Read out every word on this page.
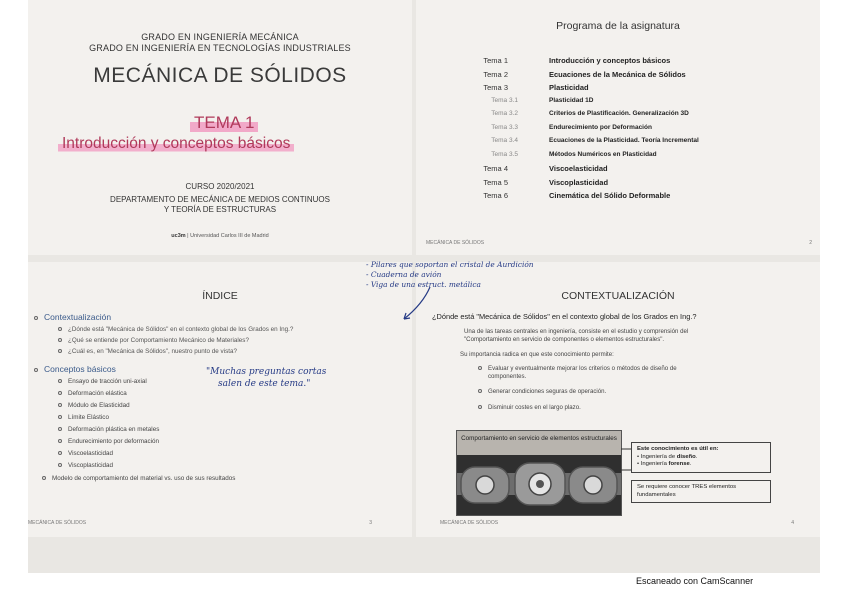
GRADO EN INGENIERÍA MECÁNICA
GRADO EN INGENIERÍA EN TECNOLOGÍAS INDUSTRIALES
MECÁNICA DE SÓLIDOS
TEMA 1
Introducción y conceptos básicos
CURSO 2020/2021
DEPARTAMENTO DE MECÁNICA DE MEDIOS CONTINUOS
Y TEORÍA DE ESTRUCTURAS
uc3m | Universidad Carlos III de Madrid
Programa de la asignatura
Tema 1	Introducción y conceptos básicos
Tema 2	Ecuaciones de la Mecánica de Sólidos
Tema 3	Plasticidad
Tema 3.1	Plasticidad 1D
Tema 3.2	Criterios de Plastificación. Generalización 3D
Tema 3.3	Endurecimiento por Deformación
Tema 3.4	Ecuaciones de la Plasticidad. Teoría Incremental
Tema 3.5	Métodos Numéricos en Plasticidad
Tema 4	Viscoelasticidad
Tema 5	Viscoplasticidad
Tema 6	Cinemática del Sólido Deformable
MECÁNICA DE SÓLIDOS	2
ÍNDICE
Contextualización
¿Dónde está "Mecánica de Sólidos" en el contexto global de los Grados en Ing.?
¿Qué se entiende por Comportamiento Mecánico de Materiales?
¿Cuál es, en "Mecánica de Sólidos", nuestro punto de vista?
Conceptos básicos
Ensayo de tracción uni-axial
Deformación elástica
Módulo de Elasticidad
Límite Elástico
Deformación plástica en metales
Endurecimiento por deformación
Viscoelasticidad
Viscoplasticidad
Modelo de comportamiento del material vs. uso de sus resultados
"Muchas preguntas cortas
salen de este tema."
MECÁNICA DE SÓLIDOS	3
CONTEXTUALIZACIÓN
¿Dónde está "Mecánica de Sólidos" en el contexto global de los Grados en Ing.?
Una de las tareas centrales en ingeniería, consiste en el estudio y comprensión del
"Comportamiento en servicio de componentes o elementos estructurales".
Su importancia radica en que este conocimiento permite:
Evaluar y eventualmente mejorar los criterios o métodos de diseño de
componentes.
Generar condiciones seguras de operación.
Disminuir costes en el largo plazo.
Comportamiento en servicio de elementos estructurales
Este conocimiento es útil en:
• Ingeniería de diseño.
• Ingeniería forense.
Se requiere conocer TRES elementos fundamentales
MECÁNICA DE SÓLIDOS	4
- Pilares que soportan el cristal de Aurdición
- Cuaderna de avión
- Viga de una estruct. metálica
Escaneado con CamScanner
